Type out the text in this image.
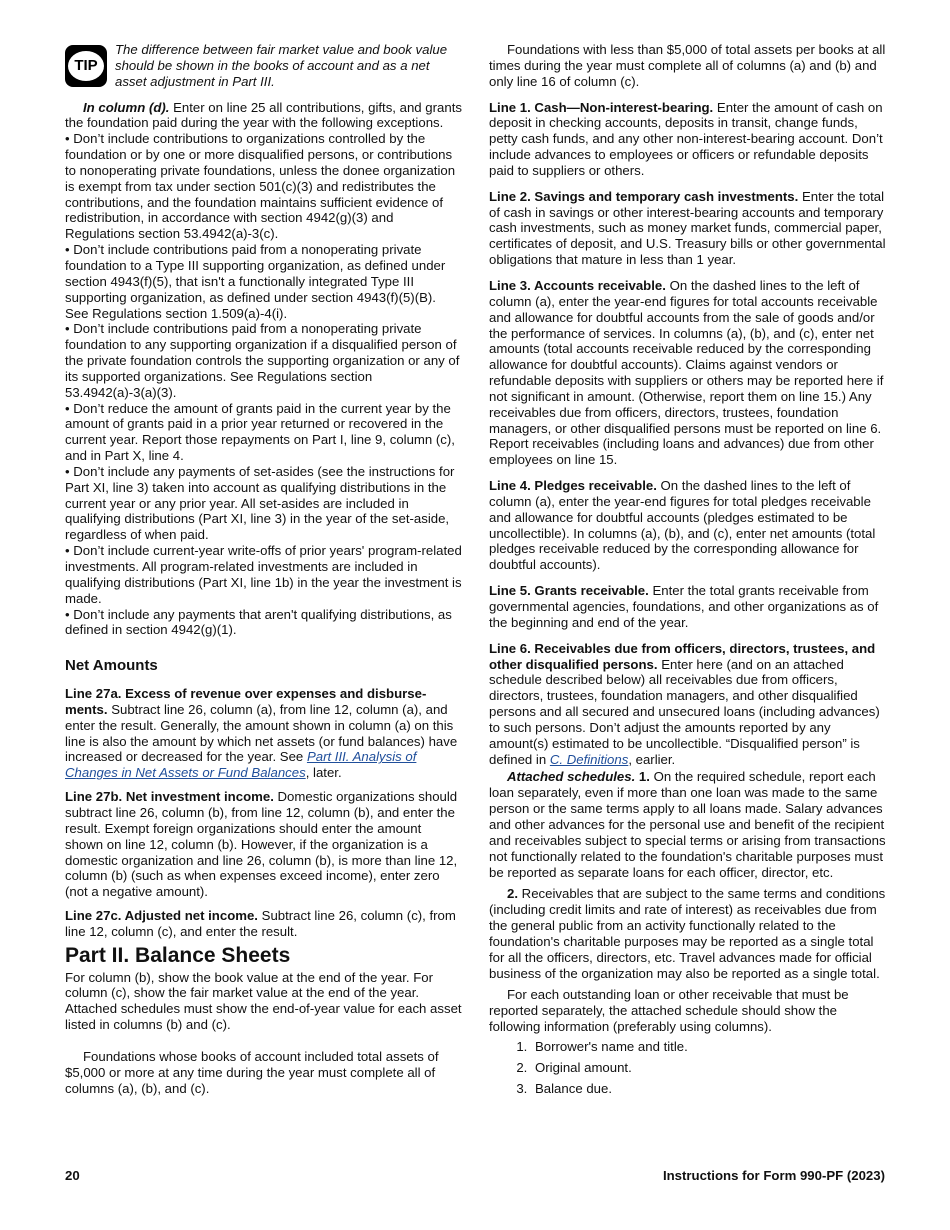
TIP
The difference between fair market value and book value should be shown in the books of account and as a net asset adjustment in Part III.

In column (d). Enter on line 25 all contributions, gifts, and grants the foundation paid during the year with the following exceptions.

• Don’t include contributions to organizations controlled by the foundation or by one or more disqualified persons, or contributions to nonoperating private foundations, unless the donee organization is exempt from tax under section 501(c)(3) and redistributes the contributions, and the foundation maintains sufficient evidence of redistribution, in accordance with section 4942(g)(3) and Regulations section 53.4942(a)-3(c).
• Don’t include contributions paid from a nonoperating private foundation to a Type III supporting organization, as defined under section 4943(f)(5), that isn't a functionally integrated Type III supporting organization, as defined under section 4943(f)(5)(B). See Regulations section 1.509(a)-4(i).
• Don’t include contributions paid from a nonoperating private foundation to any supporting organization if a disqualified person of the private foundation controls the supporting organization or any of its supported organizations. See Regulations section 53.4942(a)-3(a)(3).
• Don’t reduce the amount of grants paid in the current year by the amount of grants paid in a prior year returned or recovered in the current year. Report those repayments on Part I, line 9, column (c), and in Part X, line 4.
• Don’t include any payments of set-asides (see the instructions for Part XI, line 3) taken into account as qualifying distributions in the current year or any prior year. All set-asides are included in qualifying distributions (Part XI, line 3) in the year of the set-aside, regardless of when paid.
• Don’t include current-year write-offs of prior years' program-related investments. All program-related investments are included in qualifying distributions (Part XI, line 1b) in the year the investment is made.
• Don’t include any payments that aren't qualifying distributions, as defined in section 4942(g)(1).
Net Amounts

Line 27a. Excess of revenue over expenses and disbursements. Subtract line 26, column (a), from line 12, column (a), and enter the result. Generally, the amount shown in column (a) on this line is also the amount by which net assets (or fund balances) have increased or decreased for the year. See Part III. Analysis of Changes in Net Assets or Fund Balances, later.

Line 27b. Net investment income. Domestic organizations should subtract line 26, column (b), from line 12, column (b), and enter the result. Exempt foreign organizations should enter the amount shown on line 12, column (b). However, if the organization is a domestic organization and line 26, column (b), is more than line 12, column (b) (such as when expenses exceed income), enter zero (not a negative amount).

Line 27c. Adjusted net income. Subtract line 26, column (c), from line 12, column (c), and enter the result.

Part II. Balance Sheets

For column (b), show the book value at the end of the year. For column (c), show the fair market value at the end of the year. Attached schedules must show the end-of-year value for each asset listed in columns (b) and (c).

Foundations whose books of account included total assets of $5,000 or more at any time during the year must complete all of columns (a), (b), and (c).

Foundations with less than $5,000 of total assets per books at all times during the year must complete all of columns (a) and (b) and only line 16 of column (c).

Line 1. Cash—Non-interest-bearing. Enter the amount of cash on deposit in checking accounts, deposits in transit, change funds, petty cash funds, and any other non-interest-bearing account. Don’t include advances to employees or officers or refundable deposits paid to suppliers or others.

Line 2. Savings and temporary cash investments. Enter the total of cash in savings or other interest-bearing accounts and temporary cash investments, such as money market funds, commercial paper, certificates of deposit, and U.S. Treasury bills or other governmental obligations that mature in less than 1 year.

Line 3. Accounts receivable. On the dashed lines to the left of column (a), enter the year-end figures for total accounts receivable and allowance for doubtful accounts from the sale of goods and/or the performance of services. In columns (a), (b), and (c), enter net amounts (total accounts receivable reduced by the corresponding allowance for doubtful accounts). Claims against vendors or refundable deposits with suppliers or others may be reported here if not significant in amount. (Otherwise, report them on line 15.) Any receivables due from officers, directors, trustees, foundation managers, or other disqualified persons must be reported on line 6. Report receivables (including loans and advances) due from other employees on line 15.

Line 4. Pledges receivable. On the dashed lines to the left of column (a), enter the year-end figures for total pledges receivable and allowance for doubtful accounts (pledges estimated to be uncollectible). In columns (a), (b), and (c), enter net amounts (total pledges receivable reduced by the corresponding allowance for doubtful accounts).

Line 5. Grants receivable. Enter the total grants receivable from governmental agencies, foundations, and other organizations as of the beginning and end of the year.

Line 6. Receivables due from officers, directors, trustees, and other disqualified persons. Enter here (and on an attached schedule described below) all receivables due from officers, directors, trustees, foundation managers, and other disqualified persons and all secured and unsecured loans (including advances) to such persons. Don’t adjust the amounts reported by any amount(s) estimated to be uncollectible. “Disqualified person” is defined in C. Definitions, earlier.

Attached schedules. 1. On the required schedule, report each loan separately, even if more than one loan was made to the same person or the same terms apply to all loans made. Salary advances and other advances for the personal use and benefit of the recipient and receivables subject to special terms or arising from transactions not functionally related to the foundation's charitable purposes must be reported as separate loans for each officer, director, etc.

2. Receivables that are subject to the same terms and conditions (including credit limits and rate of interest) as receivables due from the general public from an activity functionally related to the foundation's charitable purposes may be reported as a single total for all the officers, directors, etc. Travel advances made for official business of the organization may also be reported as a single total.

For each outstanding loan or other receivable that must be reported separately, the attached schedule should show the following information (preferably using columns).

1. Borrower's name and title.
2. Original amount.
3. Balance due.
20	Instructions for Form 990-PF (2023)
